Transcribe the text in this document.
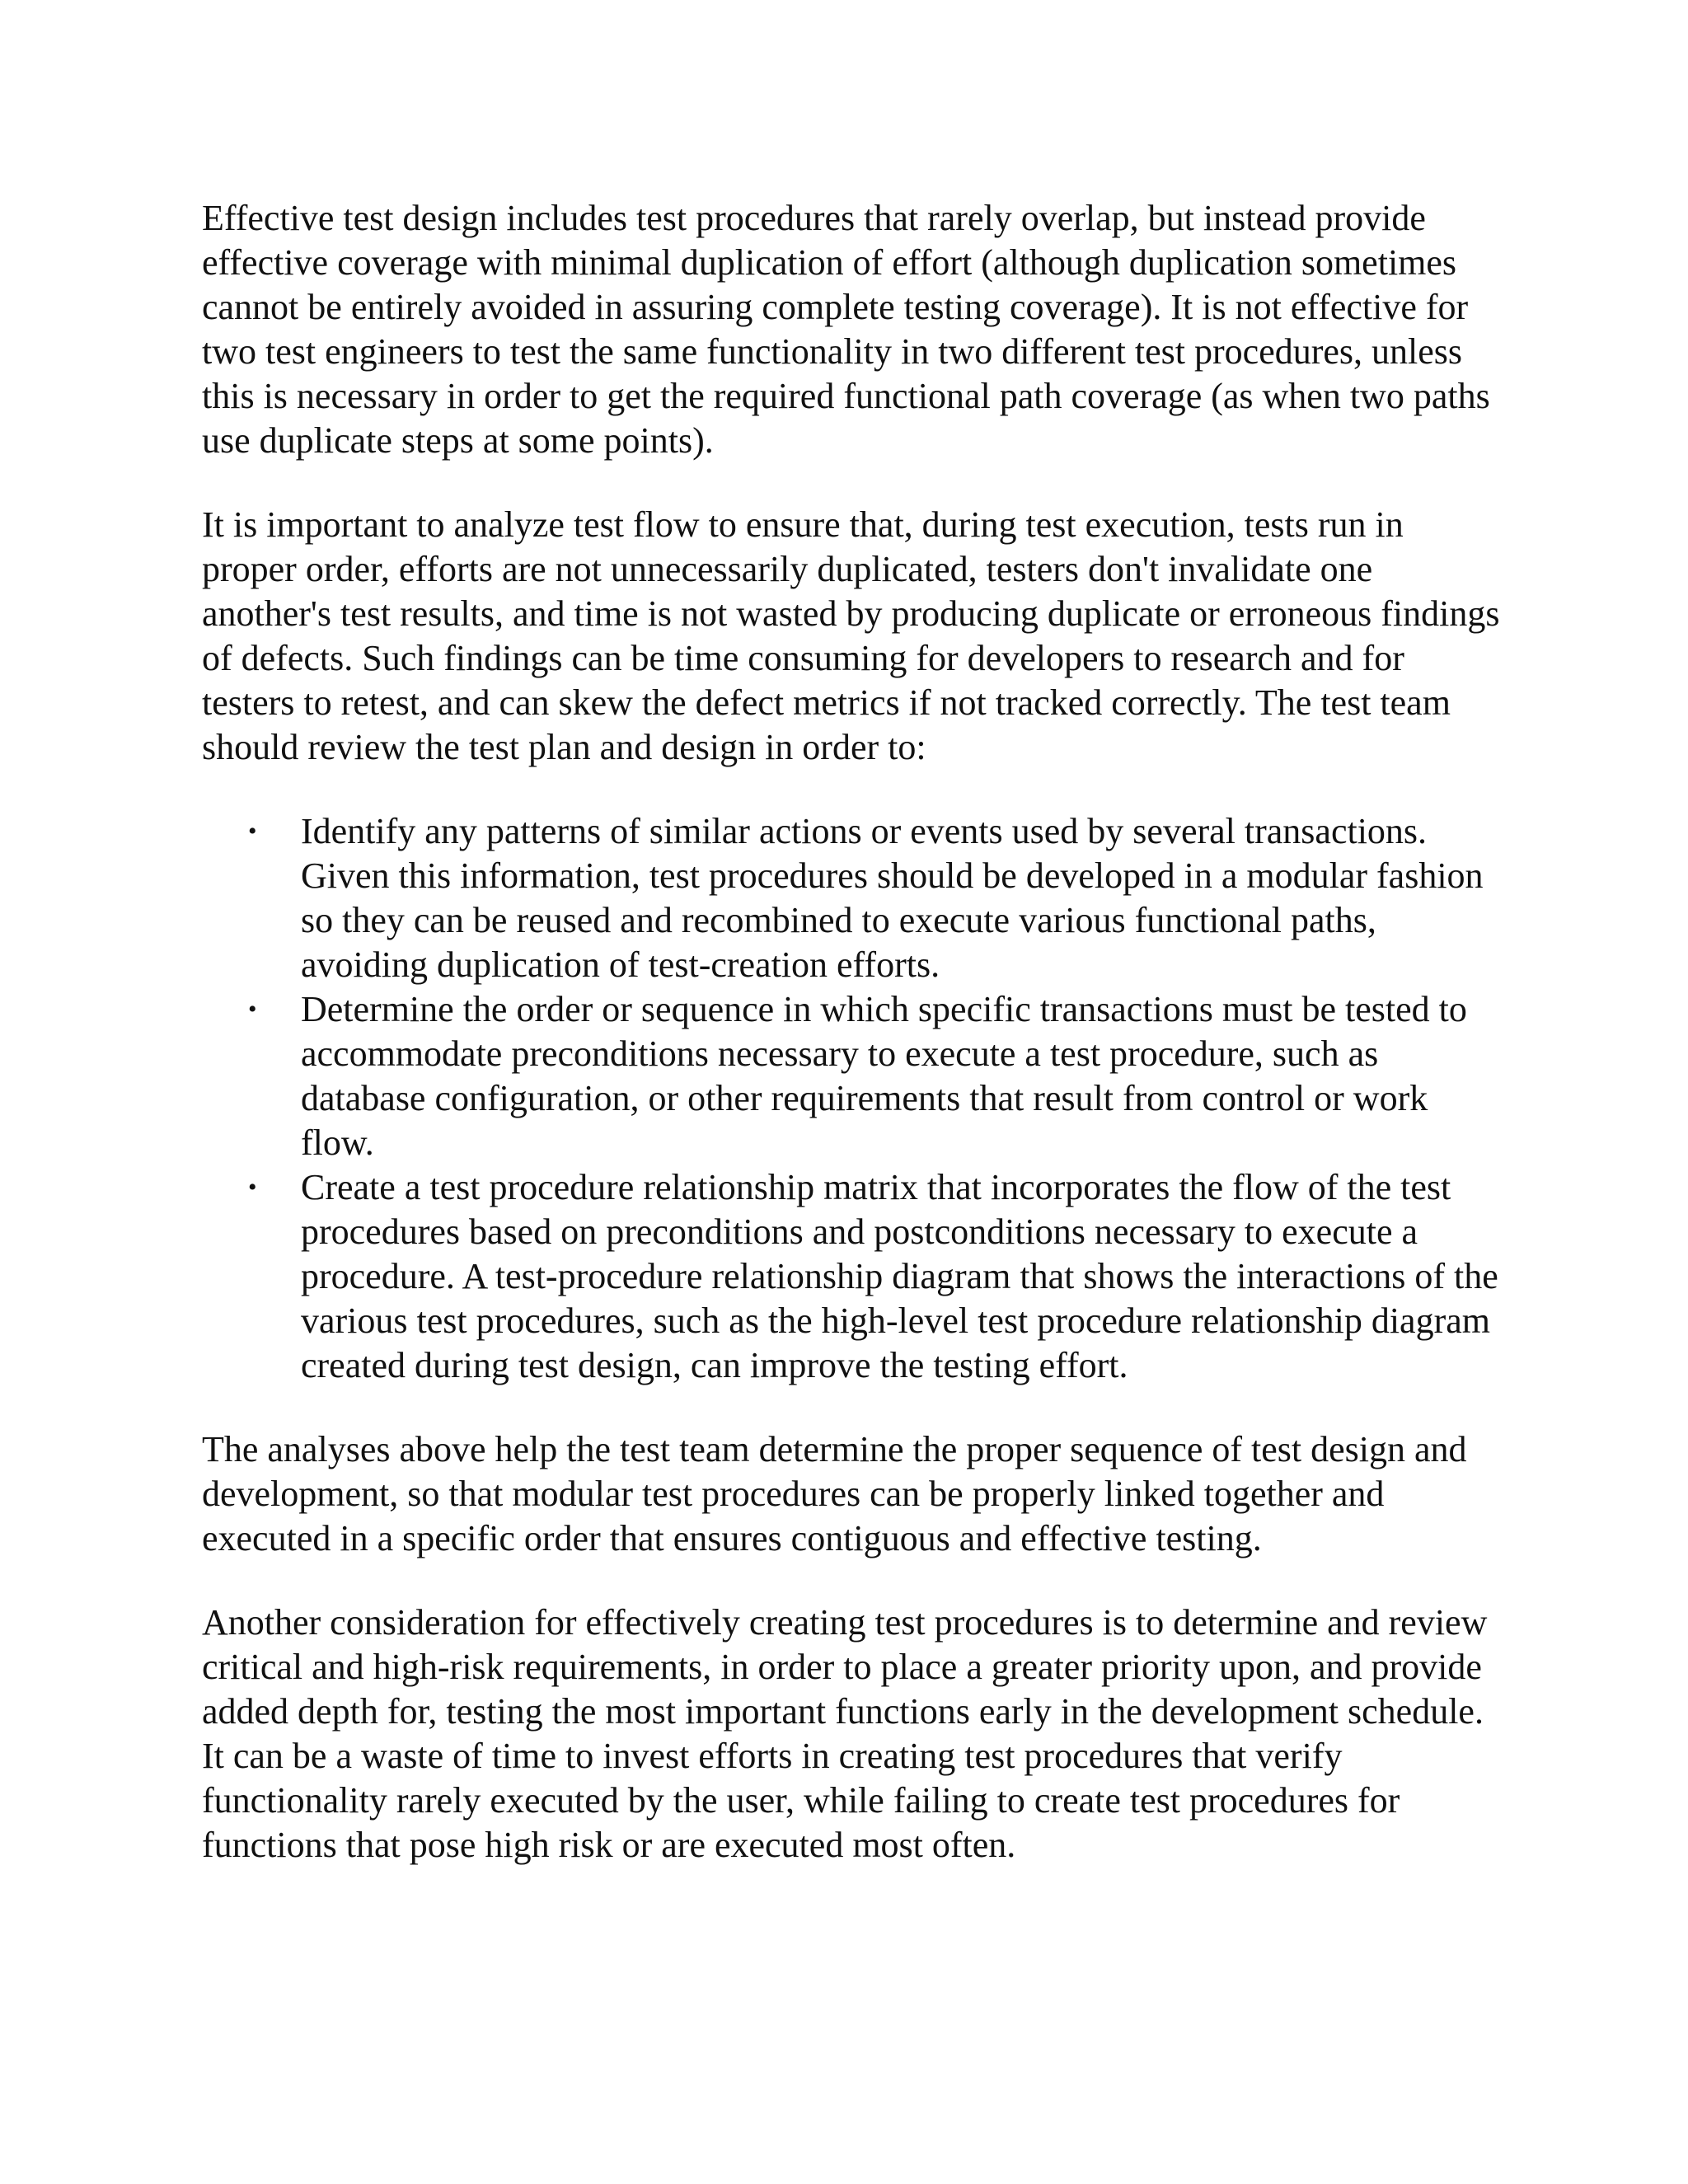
Effective test design includes test procedures that rarely overlap, but instead provide effective coverage with minimal duplication of effort (although duplication sometimes cannot be entirely avoided in assuring complete testing coverage). It is not effective for two test engineers to test the same functionality in two different test procedures, unless this is necessary in order to get the required functional path coverage (as when two paths use duplicate steps at some points).

It is important to analyze test flow to ensure that, during test execution, tests run in proper order, efforts are not unnecessarily duplicated, testers don't invalidate one another's test results, and time is not wasted by producing duplicate or erroneous findings of defects. Such findings can be time consuming for developers to research and for testers to retest, and can skew the defect metrics if not tracked correctly. The test team should review the test plan and design in order to:

• Identify any patterns of similar actions or events used by several transactions. Given this information, test procedures should be developed in a modular fashion so they can be reused and recombined to execute various functional paths, avoiding duplication of test-creation efforts.
• Determine the order or sequence in which specific transactions must be tested to accommodate preconditions necessary to execute a test procedure, such as database configuration, or other requirements that result from control or work flow.
• Create a test procedure relationship matrix that incorporates the flow of the test procedures based on preconditions and postconditions necessary to execute a procedure. A test-procedure relationship diagram that shows the interactions of the various test procedures, such as the high-level test procedure relationship diagram created during test design, can improve the testing effort.

The analyses above help the test team determine the proper sequence of test design and development, so that modular test procedures can be properly linked together and executed in a specific order that ensures contiguous and effective testing.

Another consideration for effectively creating test procedures is to determine and review critical and high-risk requirements, in order to place a greater priority upon, and provide added depth for, testing the most important functions early in the development schedule. It can be a waste of time to invest efforts in creating test procedures that verify functionality rarely executed by the user, while failing to create test procedures for functions that pose high risk or are executed most often.
